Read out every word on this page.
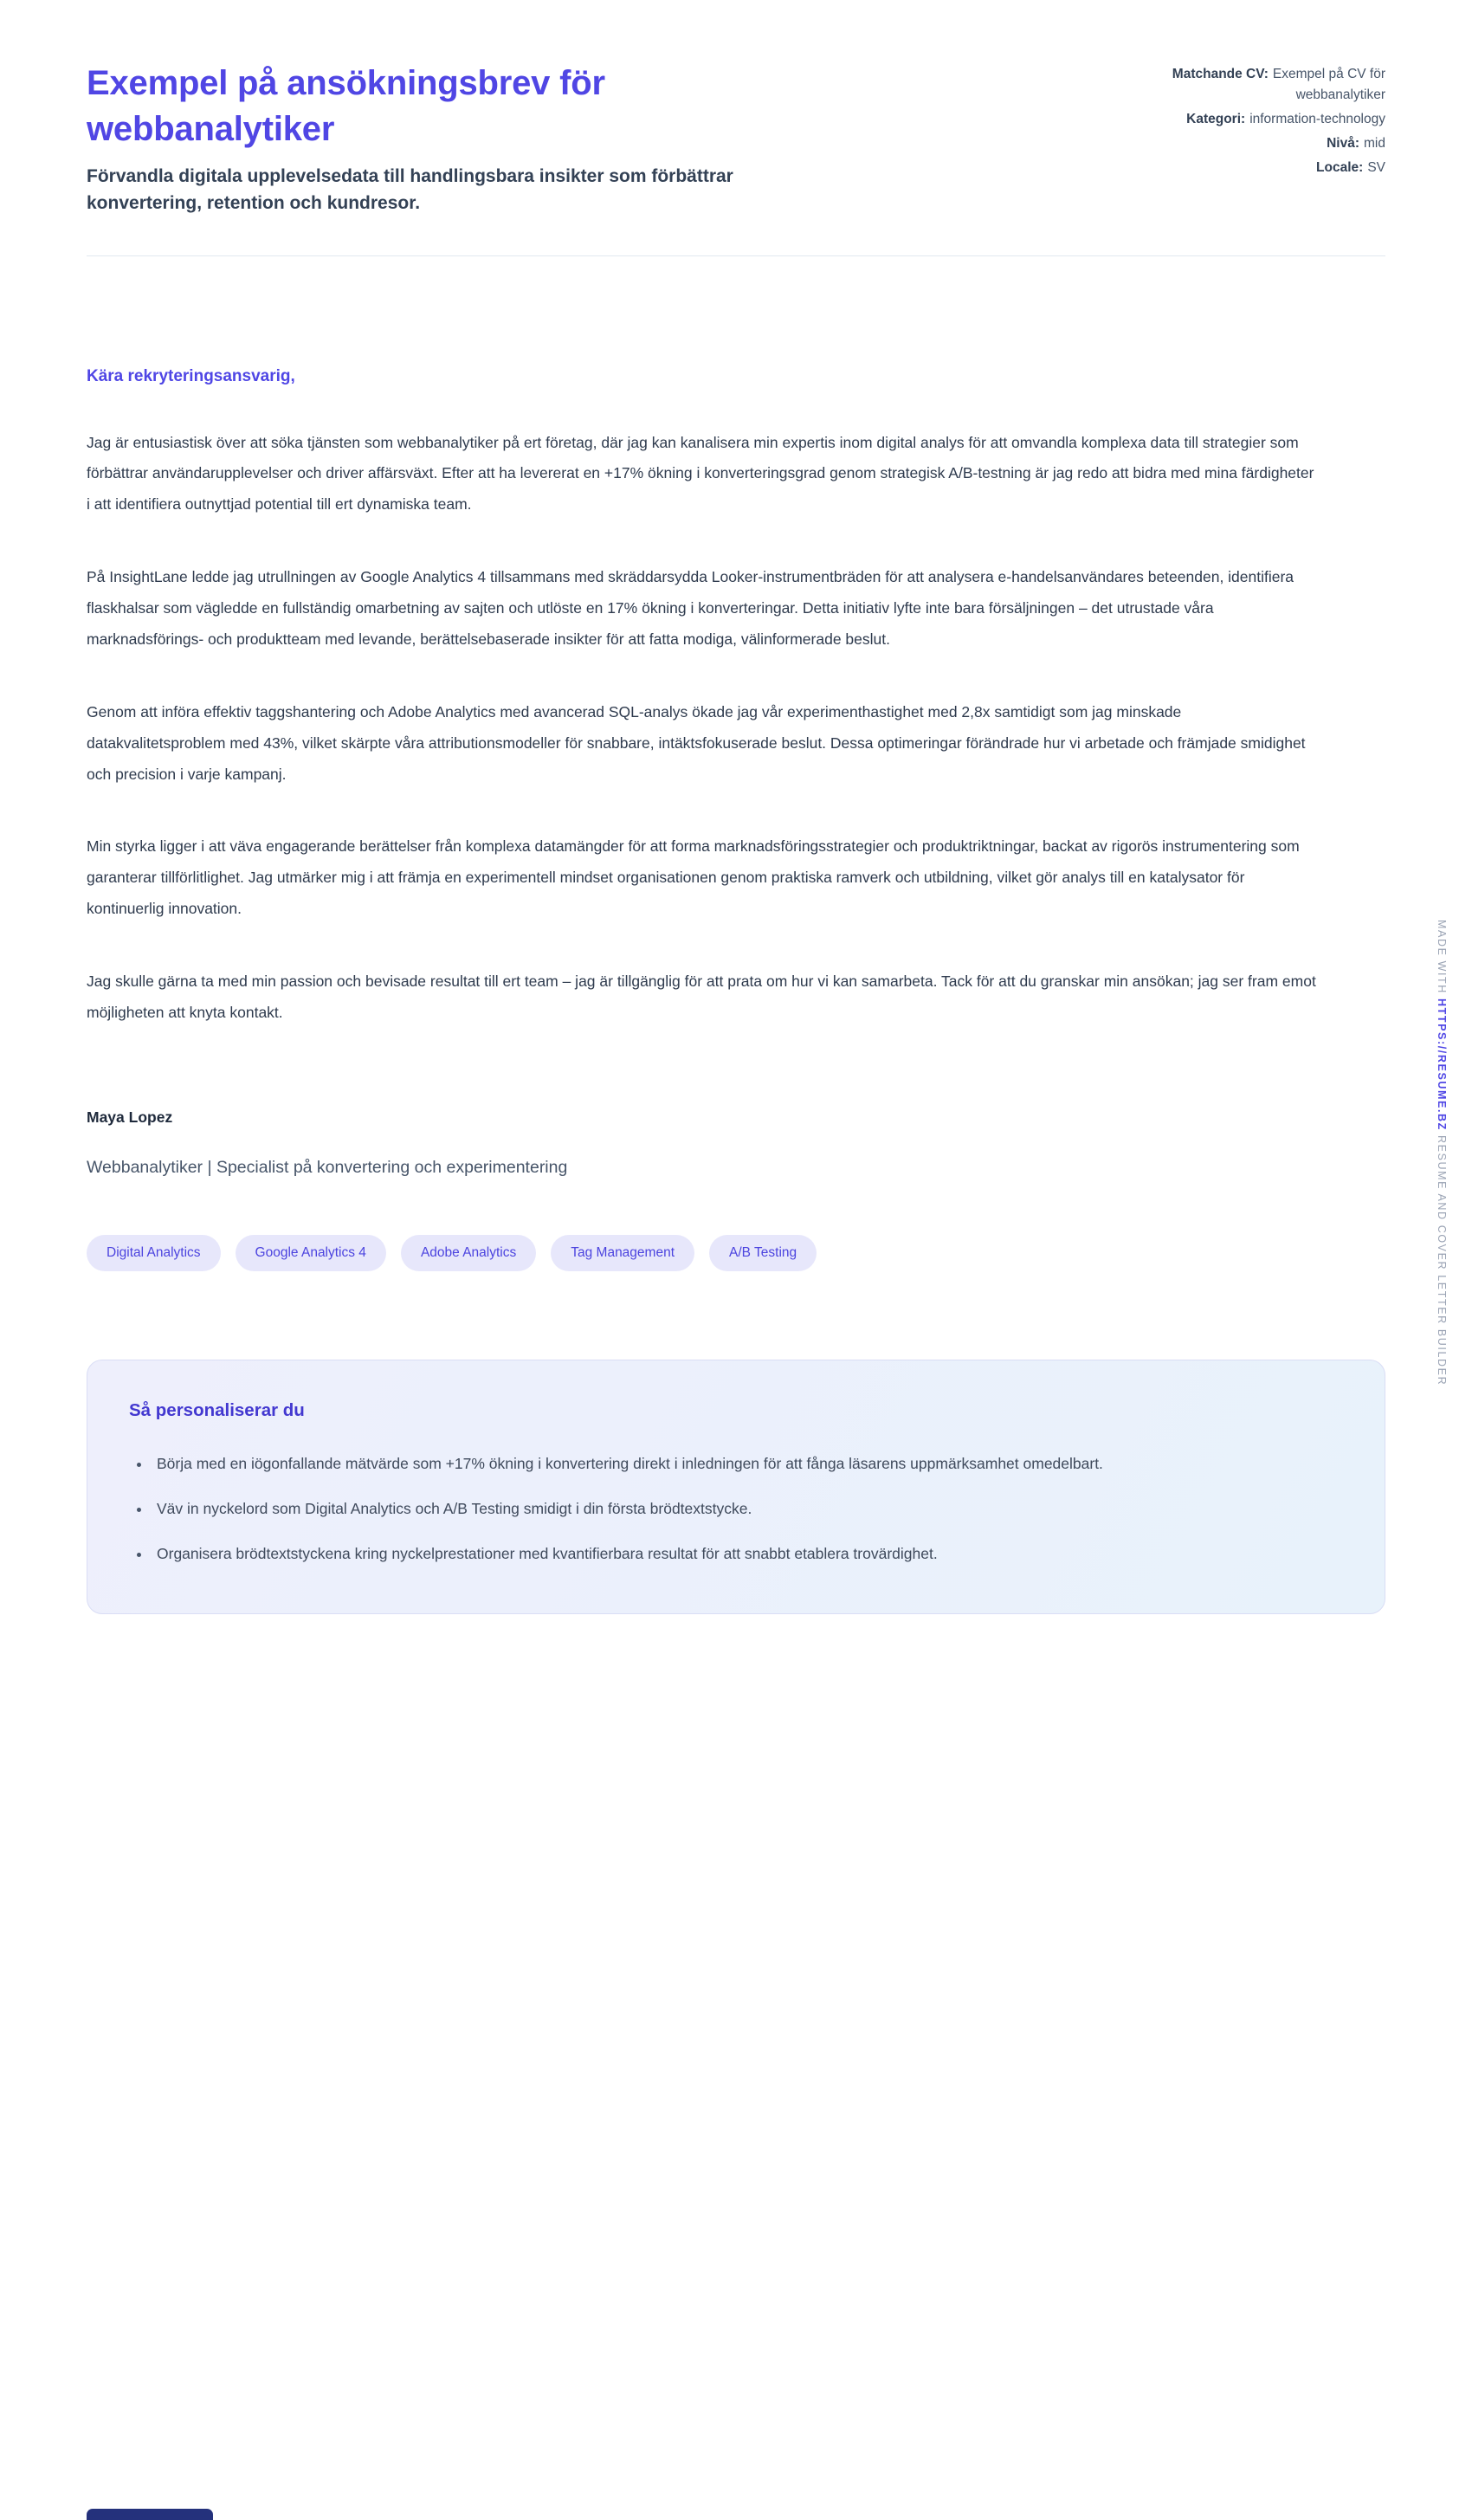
Exempel på ansökningsbrev för webbanalytiker

Förvandla digitala upplevelsedata till handlingsbara insikter som förbättrar konvertering, retention och kundresor.

Matchande CV: Exempel på CV för webbanalytiker
Kategori: information-technology
Nivå: mid
Locale: SV

Kära rekryteringsansvarig,

Jag är entusiastisk över att söka tjänsten som webbanalytiker på ert företag, där jag kan kanalisera min expertis inom digital analys för att omvandla komplexa data till strategier som förbättrar användarupplevelser och driver affärsväxt. Efter att ha levererat en +17% ökning i konverteringsgrad genom strategisk A/B-testning är jag redo att bidra med mina färdigheter i att identifiera outnyttjad potential till ert dynamiska team.

På InsightLane ledde jag utrullningen av Google Analytics 4 tillsammans med skräddarsydda Looker-instrumentbräden för att analysera e-handelsanvändares beteenden, identifiera flaskhalsar som vägledde en fullständig omarbetning av sajten och utlöste en 17% ökning i konverteringar. Detta initiativ lyfte inte bara försäljningen – det utrustade våra marknadsförings- och produktteam med levande, berättelsebaserade insikter för att fatta modiga, välinformerade beslut.

Genom att införa effektiv taggshantering och Adobe Analytics med avancerad SQL-analys ökade jag vår experimenthastighet med 2,8x samtidigt som jag minskade datakvalitetsproblem med 43%, vilket skärpte våra attributionsmodeller för snabbare, intäktsfokuserade beslut. Dessa optimeringar förändrade hur vi arbetade och främjade smidighet och precision i varje kampanj.

Min styrka ligger i att väva engagerande berättelser från komplexa datamängder för att forma marknadsföringsstrategier och produktriktningar, backat av rigorös instrumentering som garanterar tillförlitlighet. Jag utmärker mig i att främja en experimentell mindset organisationen genom praktiska ramverk och utbildning, vilket gör analys till en katalysator för kontinuerlig innovation.

Jag skulle gärna ta med min passion och bevisade resultat till ert team – jag är tillgänglig för att prata om hur vi kan samarbeta. Tack för att du granskar min ansökan; jag ser fram emot möjligheten att knyta kontakt.

Maya Lopez

Webbanalytiker | Specialist på konvertering och experimentering

Digital Analytics	Google Analytics 4	Adobe Analytics	Tag Management	A/B Testing
Så personaliserar du
• Börja med en iögonfallande mätvärde som +17% ökning i konvertering direkt i inledningen för att fånga läsarens uppmärksamhet omedelbart.
• Väv in nyckelord som Digital Analytics och A/B Testing smidigt i din första brödtextstycke.
• Organisera brödtextstyckena kring nyckelprestationer med kvantifierbara resultat för att snabbt etablera trovärdighet.
MADE WITH HTTPS://RESUME.BZ RESUME AND COVER LETTER BUILDER
